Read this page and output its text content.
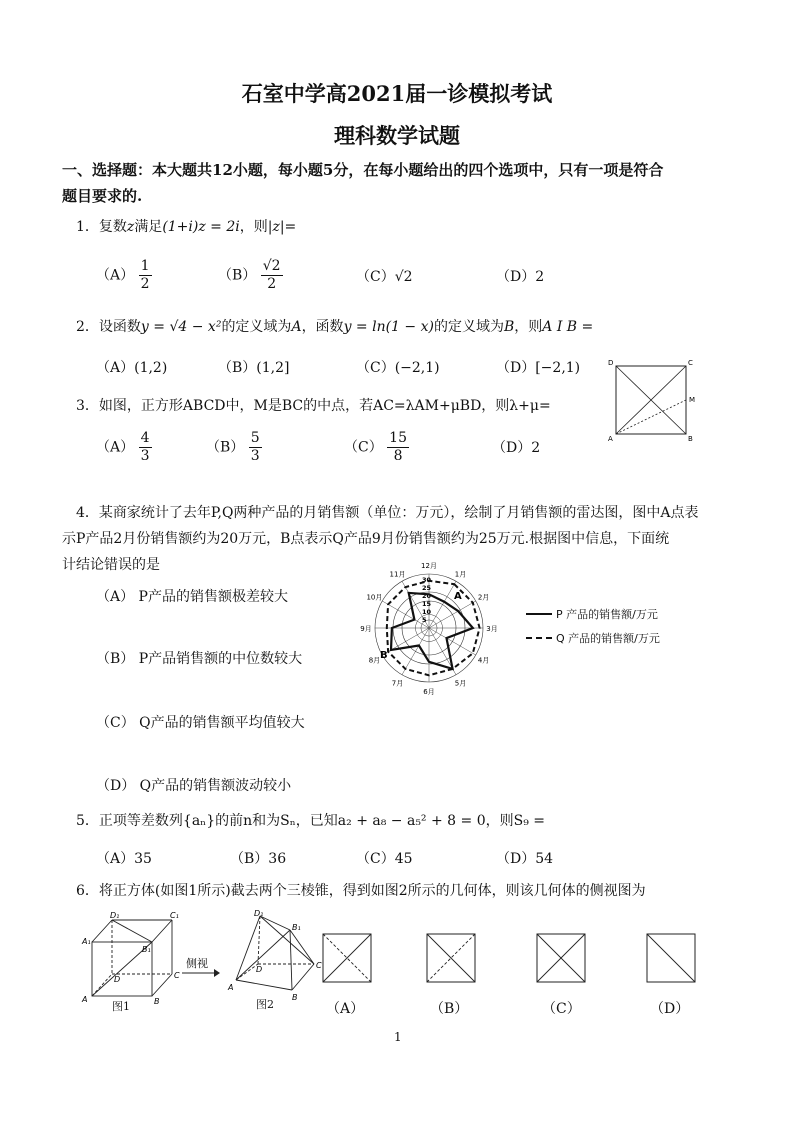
石室中学高2021届一诊模拟考试
理科数学试题
一、选择题：本大题共12小题，每小题5分，在每小题给出的四个选项中，只有一项是符合
题目要求的.
1．复数z满足(1+i)z = 2i，则|z|=
$(A) \frac{1}{2}$	$(B) \frac{√2}{2}$	（C）√2	（D）2
2．设函数y = √4 − x²的定义域为A，函数y = ln(1 − x)的定义域为B，则A I B =
（A）(1,2)	（B）(1,2]	（C）(−2,1)	（D）[−2,1)	D	C
M
A	B
3．如图，正方形ABCD中，M是BC的中点，若AC=λAM+μBD，则λ+μ=
$(A) \frac{4}{3}$	$(B) \frac{5}{3}$	$(C) \frac{15}{8}$	（D）2
4．某商家统计了去年P,Q两种产品的月销售额（单位：万元），绘制了月销售额的雷达图，图中A点表
示P产品2月份销售额约为20万元，B点表示Q产品9月份销售额约为25万元.根据图中信息，下面统
计结论错误的是
（A） P产品的销售额极差较大
（B） P产品销售额的中位数较大
（C） Q产品的销售额平均值较大
（D） Q产品的销售额波动较小
1月
2月
3月
4月
5月
6月
7月
8月
9月
10月
11月
12月
30
25
20
15
10
5
A
B
P 产品的销售额/万元
Q 产品的销售额/万元
5．正项等差数列{aₙ}的前n和为Sₙ，已知a₂ + a₈ − a₅² + 8 = 0，则S₉ =
（A）35	（B）36	（C）45	（D）54
6．将正方体(如图1所示)截去两个三棱锥，得到如图2所示的几何体，则该几何体的侧视图为
D₁	C₁
A₁
B₁
D	C
A	B
图1
侧视
D₁
B₁
D	C
A
B
图2	（A）	（B）	（C）	（D）
1
